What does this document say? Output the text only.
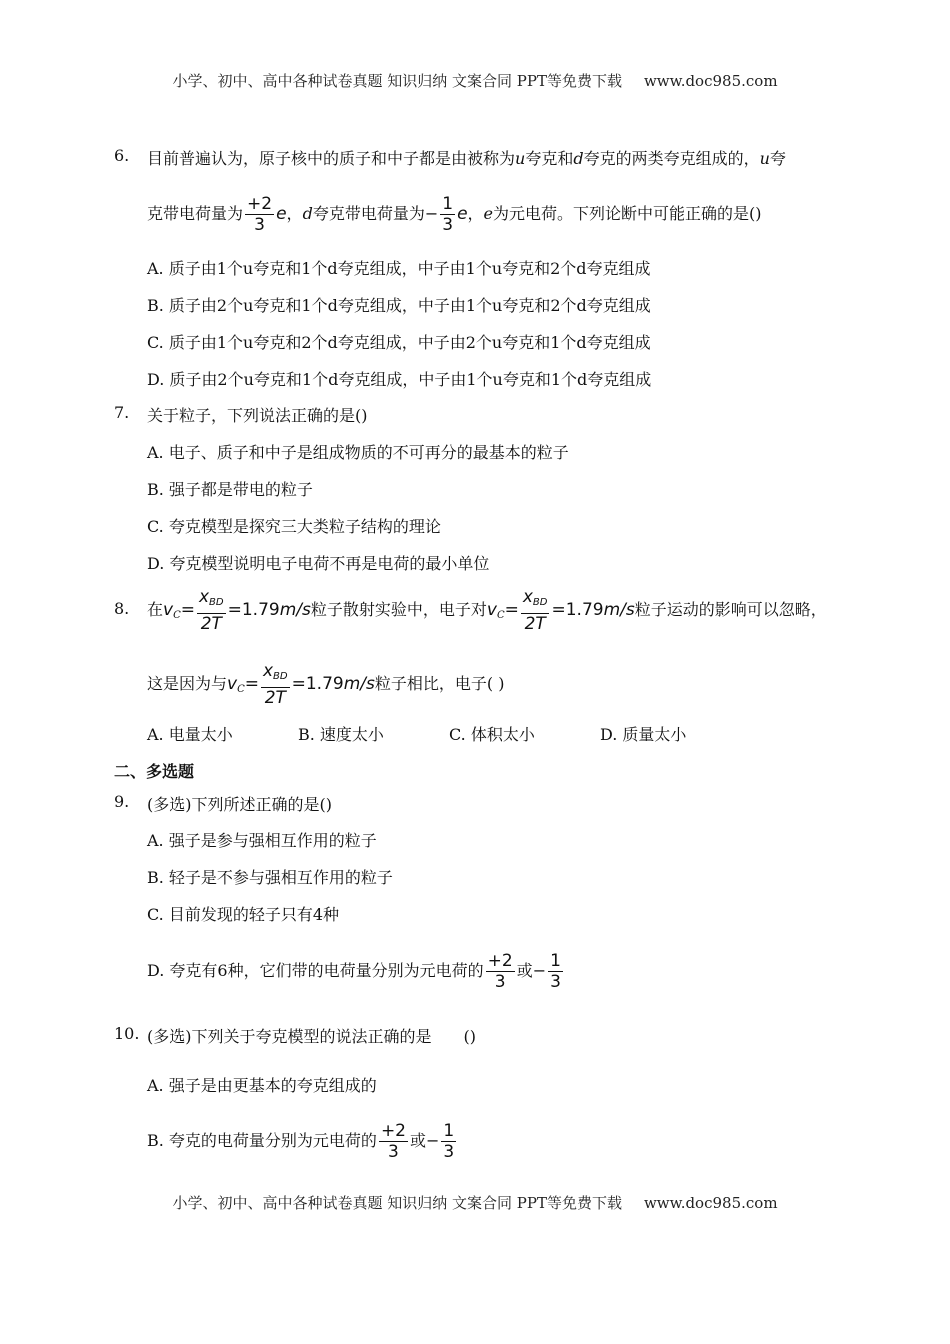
小学、初中、高中各种试卷真题 知识归纳 文案合同 PPT等免费下载 www.doc985.com
6. 目前普遍认为，原子核中的质子和中子都是由被称为u夸克和d夸克的两类夸克组成的，u夸
克带电荷量为 $\frac{+2}{3}$ e，d夸克带电荷量为− $\frac{1}{3}$ e，e为元电荷。下列论断中可能正确的是()
A. 质子由1个u夸克和1个d夸克组成，中子由1个u夸克和2个d夸克组成
B. 质子由2个u夸克和1个d夸克组成，中子由1个u夸克和2个d夸克组成
C. 质子由1个u夸克和2个d夸克组成，中子由2个u夸克和1个d夸克组成
D. 质子由2个u夸克和1个d夸克组成，中子由1个u夸克和1个d夸克组成
7. 关于粒子，下列说法正确的是()
A. 电子、质子和中子是组成物质的不可再分的最基本的粒子
B. 强子都是带电的粒子
C. 夸克模型是探究三大类粒子结构的理论
D. 夸克模型说明电子电荷不再是电荷的最小单位
8. 在$v_C= \frac{x_{BD}}{2T} =1.79m/s$粒子散射实验中，电子对$v_C= \frac{x_{BD}}{2T} =1.79m/s$粒子运动的影响可以忽略，
这是因为与$v_C= \frac{x_{BD}}{2T} =1.79m/s$粒子相比，电子( )
A. 电量太小	B. 速度太小	C. 体积太小	D. 质量太小
二、多选题
9. (多选)下列所述正确的是()
A. 强子是参与强相互作用的粒子
B. 轻子是不参与强相互作用的粒子
C. 目前发现的轻子只有4种
D. 夸克有6种，它们带的电荷量分别为元电荷的 $\frac{+2}{3}$ 或− $\frac{1}{3}$
10. (多选)下列关于夸克模型的说法正确的是 ()
A. 强子是由更基本的夸克组成的
B. 夸克的电荷量分别为元电荷的 $\frac{+2}{3}$ 或− $\frac{1}{3}$
小学、初中、高中各种试卷真题 知识归纳 文案合同 PPT等免费下载 www.doc985.com
